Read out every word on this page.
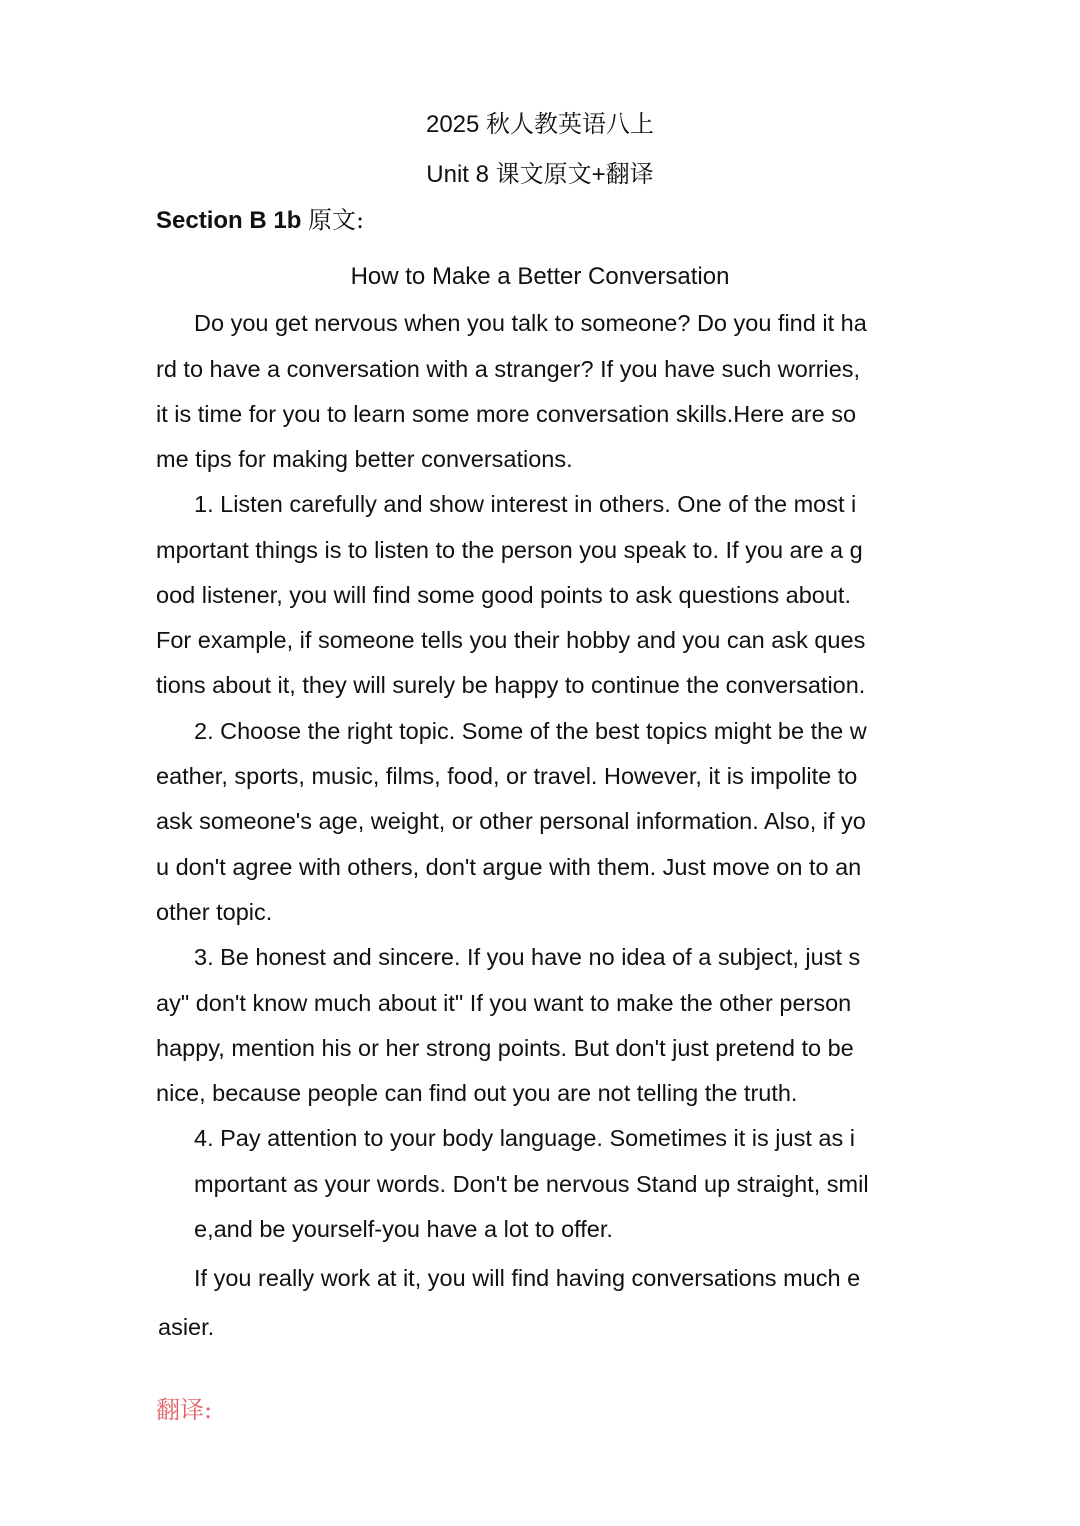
2025 秋人教英语八上
Unit 8 课文原文+翻译
Section B 1b 原文:
How to Make a Better Conversation
Do you get nervous when you talk to someone? Do you find it ha
rd to have a conversation with a stranger? If you have such worries,
it is time for you to learn some more conversation skills.Here are so
me tips for making better conversations.
1. Listen carefully and show interest in others. One of the most i
mportant things is to listen to the person you speak to. If you are a g
ood listener, you will find some good points to ask questions about.
For example, if someone tells you their hobby and you can ask ques
tions about it, they will surely be happy to continue the conversation.
2. Choose the right topic. Some of the best topics might be the w
eather, sports, music, films, food, or travel. However, it is impolite to
ask someone's age, weight, or other personal information. Also, if yo
u don't agree with others, don't argue with them. Just move on to an
other topic.
3. Be honest and sincere. If you have no idea of a subject, just s
ay" don't know much about it" If you want to make the other person
happy, mention his or her strong points. But don't just pretend to be
nice, because people can find out you are not telling the truth.
4. Pay attention to your body language. Sometimes it is just as i
mportant as your words. Don't be nervous Stand up straight, smil
e,and be yourself-you have a lot to offer.
If you really work at it, you will find having conversations much e
asier.
翻译:
